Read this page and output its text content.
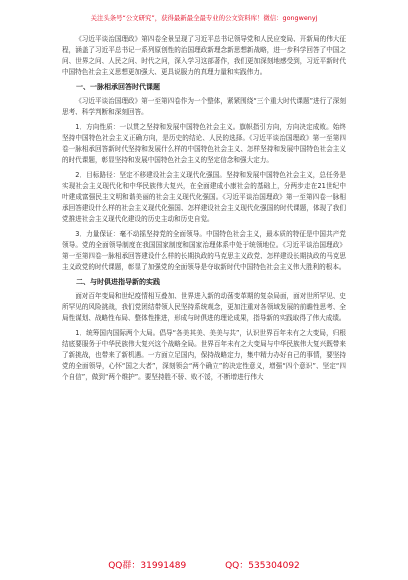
关注头条号“公文研究”，获得最新最全最专业的公文资料库！微信：gongwenyj

《习近平谈治国理政》第四卷全景呈现了习近平总书记领导党和人民应变局、开新局的伟大征程，涵盖了习近平总书记一系列原创性的治国理政新理念新思想新战略，进一步科学回答了中国之问、世界之问、人民之问、时代之问，深入学习这部著作，我们更加深刻地感受到，习近平新时代中国特色社会主义思想更加强大、更具说服力的真理力量和实践伟力。

一、一脉相承回答时代课题

《习近平谈治国理政》第一至第四卷作为一个整体，紧紧围绕“三个重大时代课题”进行了深刻思考、科学判断和深刻回答。

1．方向性质：一以贯之坚持和发展中国特色社会主义。旗帜指引方向，方向决定成败。始终坚持中国特色社会主义正确方向，是历史的结论、人民的选择。《习近平谈治国理政》第一至第四卷一脉相承回答新时代坚持和发展什么样的中国特色社会主义、怎样坚持和发展中国特色社会主义的时代课题，彰显坚持和发展中国特色社会主义的坚定信念和强大定力。

2．目标路径：坚定不移建设社会主义现代化强国。坚持和发展中国特色社会主义，总任务是实现社会主义现代化和中华民族伟大复兴，在全面建成小康社会的基础上，分两步走在21世纪中叶建成富强民主文明和谐美丽的社会主义现代化强国。《习近平谈治国理政》第一至第四卷一脉相承回答建设什么样的社会主义现代化强国、怎样建设社会主义现代化强国的时代课题，体现了我们党推进社会主义现代化建设的历史主动和历史自觉。

3．力量保证：毫不动摇坚持党的全面领导。中国特色社会主义，最本质的特征是中国共产党领导。党的全面领导制度在我国国家制度和国家治理体系中处于统领地位。《习近平谈治国理政》第一至第四卷一脉相承回答建设什么样的长期执政的马克思主义政党、怎样建设长期执政的马克思主义政党的时代课题，彰显了加强党的全面领导是夺取新时代中国特色社会主义伟大胜利的根本。

二、与时俱进指导新的实践

面对百年变局和世纪疫情相互叠加、世界进入新的动荡变革期的复杂局面，面对世所罕见、史所罕见的风险挑战，我们党团结带领人民坚持系统观念，更加注重对各领域发展的前瞻性思考、全局性谋划、战略性布局、整体性推进，形成与时俱进的理论成果，指导新的实践取得了伟大成绩。

1．统筹国内国际两个大局。倡导“各美其美、美美与共”，认识世界百年未有之大变局，归根结底要服务于中华民族伟大复兴这个战略全局。世界百年未有之大变局与中华民族伟大复兴既带来了新挑战，也带来了新机遇。一方面立足国内，保持战略定力，集中精力办好自己的事情，要坚持党的全面领导，心怀“国之大者”，深刻领会“两个确立”的决定性意义，增强“四个意识”、坚定“四个自信”，做到“两个维护”。要坚持胜不骄、败不馁，不断增进行伟大

QQ群：31991489	QQ：535304092
